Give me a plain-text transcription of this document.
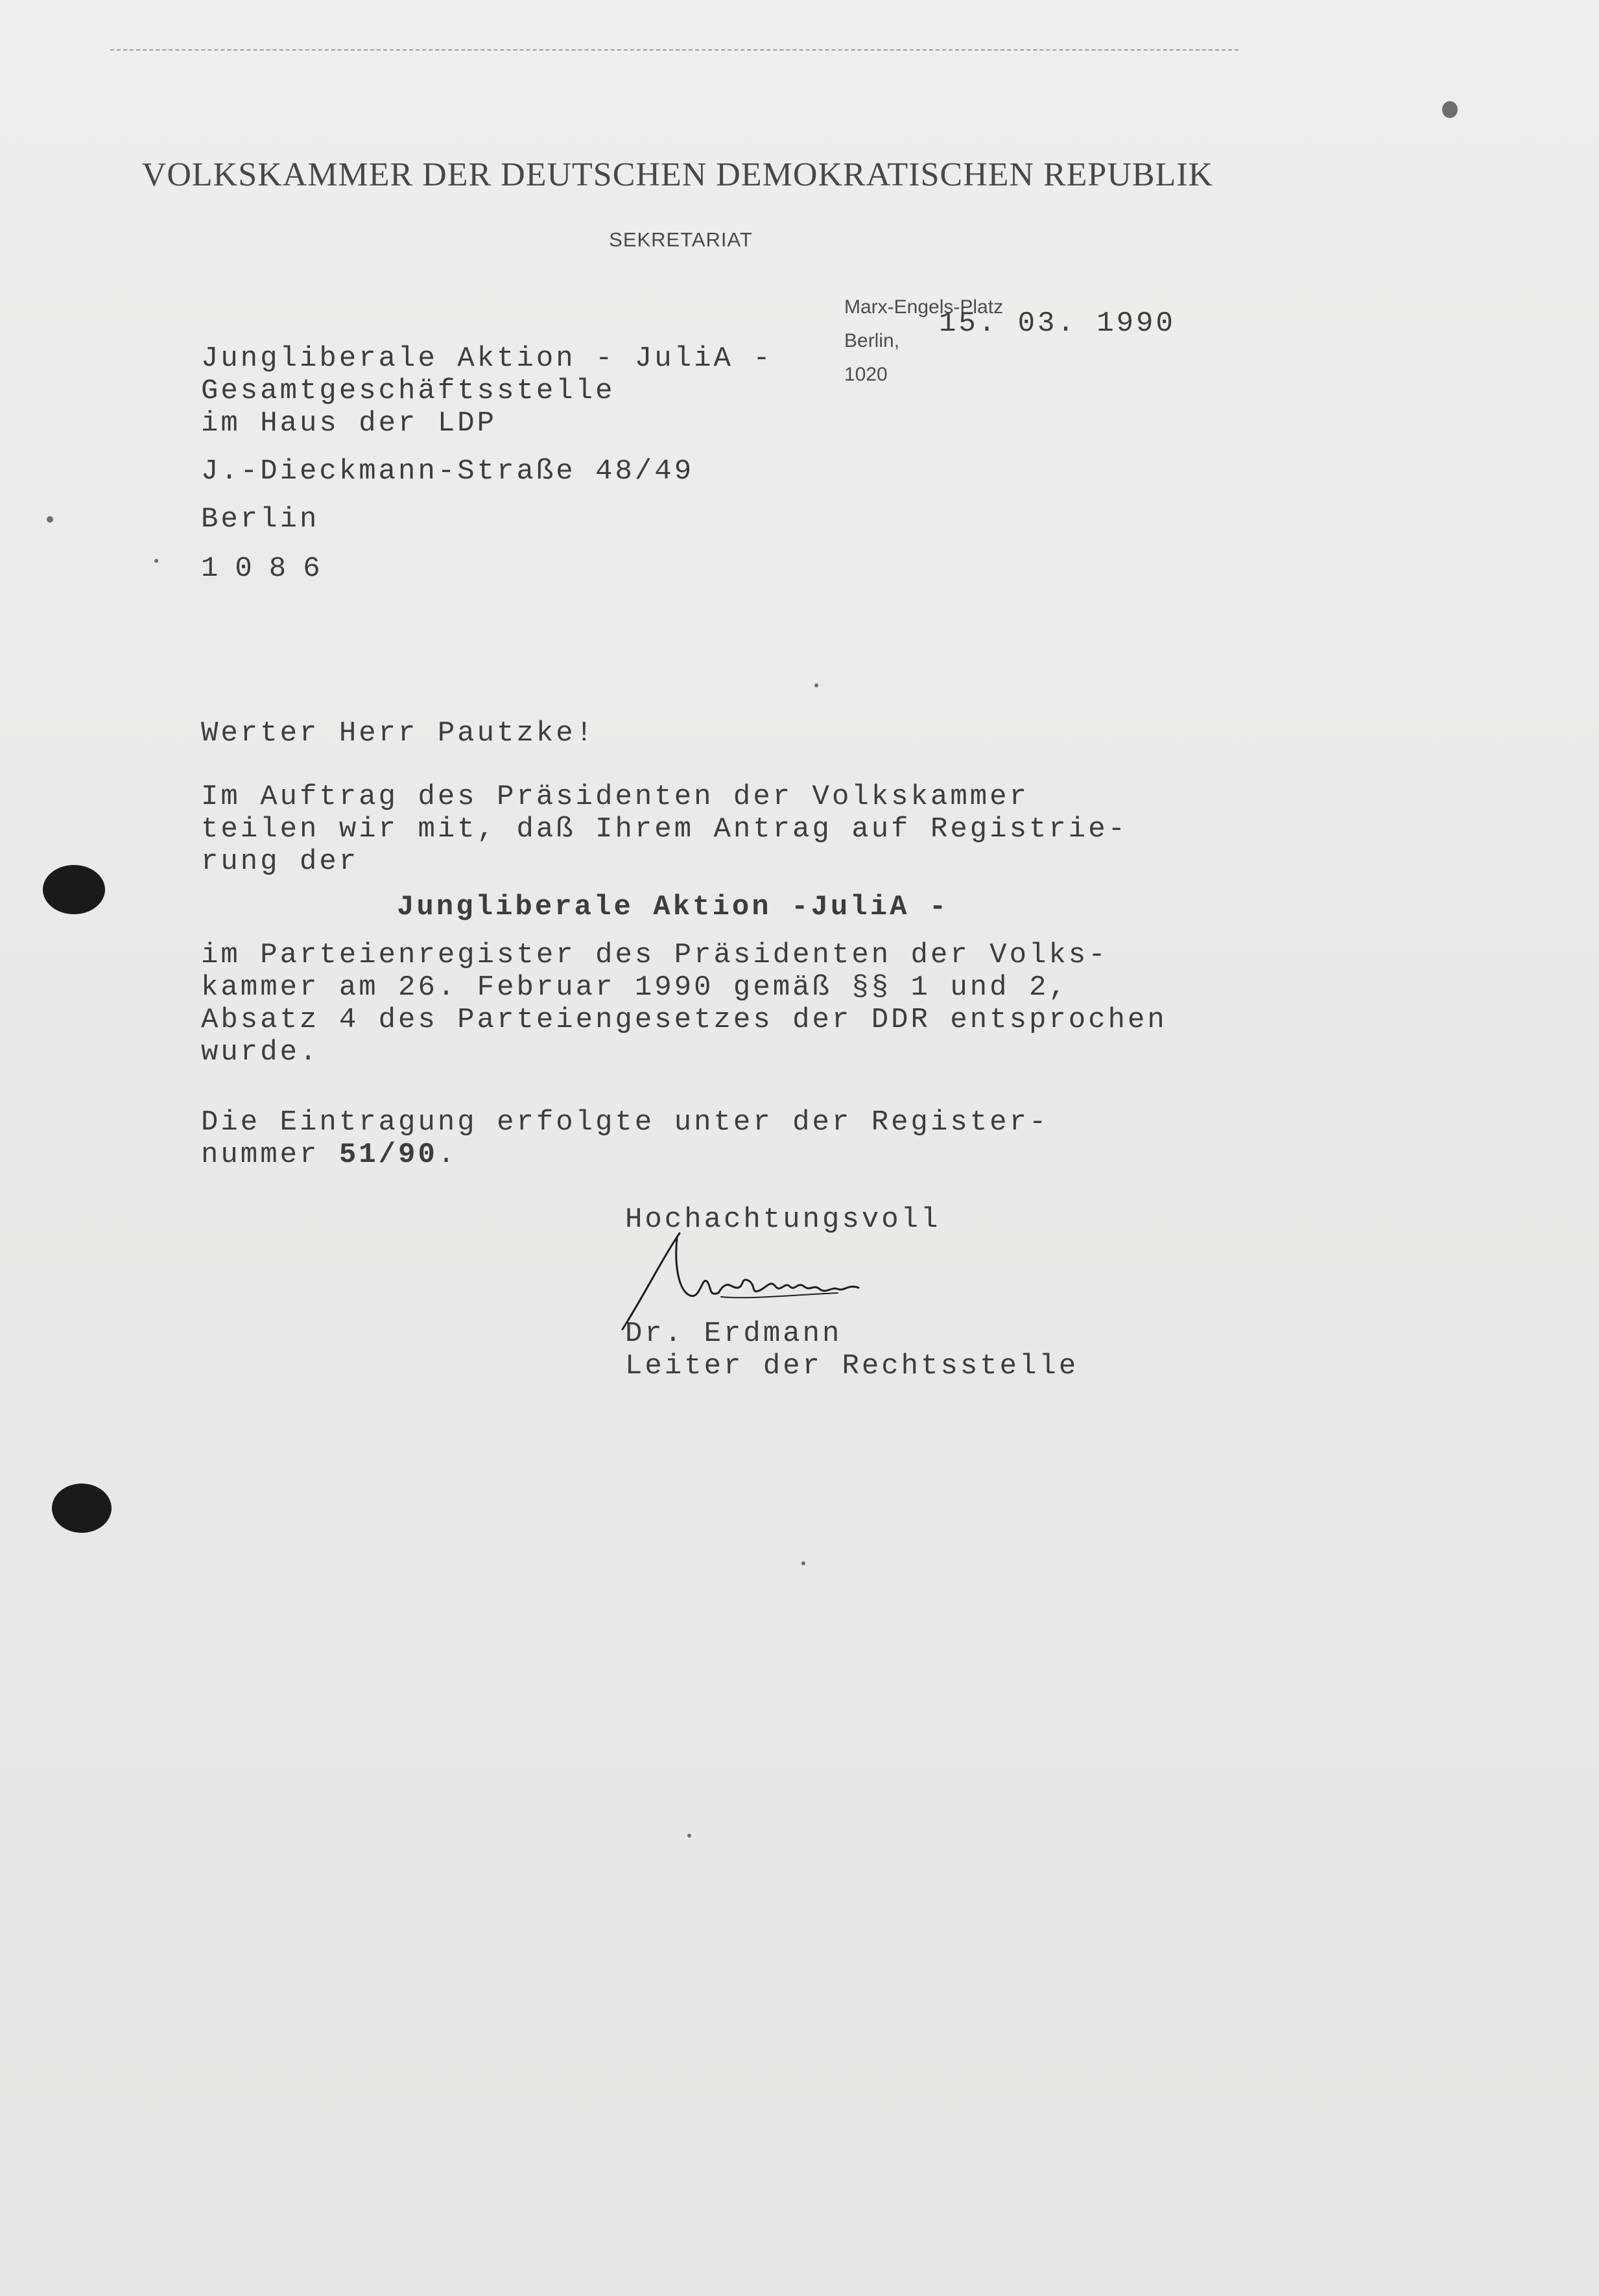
VOLKSKAMMER DER DEUTSCHEN DEMOKRATISCHEN REPUBLIK
SEKRETARIAT
Marx-Engels-Platz
Berlin,
1020
15. 03. 1990
Jungliberale Aktion - JuliA -
Gesamtgeschäftsstelle
im Haus der LDP
J.-Dieckmann-Straße 48/49
Berlin
1086
Werter Herr Pautzke!
Im Auftrag des Präsidenten der Volkskammer
teilen wir mit, daß Ihrem Antrag auf Registrie-
rung der
Jungliberale Aktion -JuliA -
im Parteienregister des Präsidenten der Volks-
kammer am 26. Februar 1990 gemäß §§ 1 und 2,
Absatz 4 des Parteiengesetzes der DDR entsprochen
wurde.
Die Eintragung erfolgte unter der Register-
nummer 51/90.
Hochachtungsvoll
Dr. Erdmann
Leiter der Rechtsstelle
